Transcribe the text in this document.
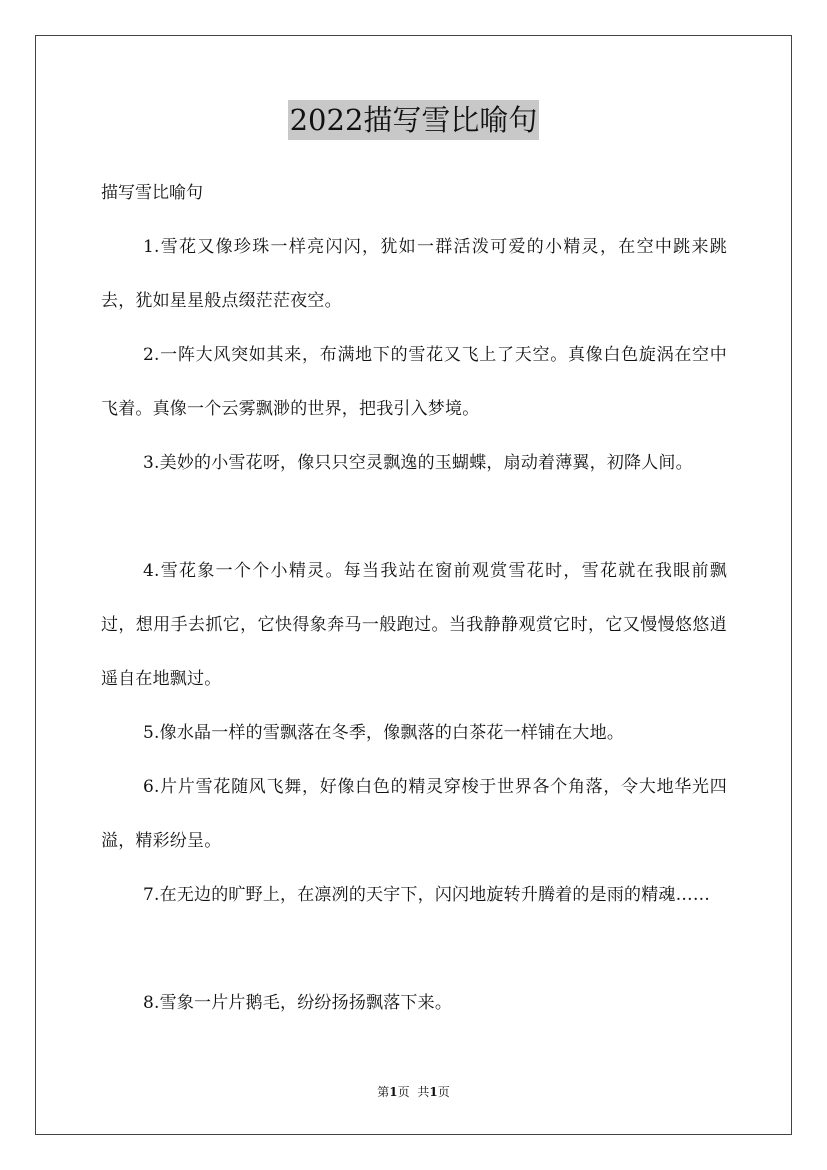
2022描写雪比喻句
描写雪比喻句

1.雪花又像珍珠一样亮闪闪，犹如一群活泼可爱的小精灵，在空中跳来跳去，犹如星星般点缀茫茫夜空。

2.一阵大风突如其来，布满地下的雪花又飞上了天空。真像白色旋涡在空中飞着。真像一个云雾飘渺的世界，把我引入梦境。

3.美妙的小雪花呀，像只只空灵飘逸的玉蝴蝶，扇动着薄翼，初降人间。

4.雪花象一个个小精灵。每当我站在窗前观赏雪花时，雪花就在我眼前飘过，想用手去抓它，它快得象奔马一般跑过。当我静静观赏它时，它又慢慢悠悠逍遥自在地飘过。

5.像水晶一样的雪飘落在冬季，像飘落的白茶花一样铺在大地。

6.片片雪花随风飞舞，好像白色的精灵穿梭于世界各个角落，令大地华光四溢，精彩纷呈。

7.在无边的旷野上，在凛冽的天宇下，闪闪地旋转升腾着的是雨的精魂……

8.雪象一片片鹅毛，纷纷扬扬飘落下来。

第1页 共1页
